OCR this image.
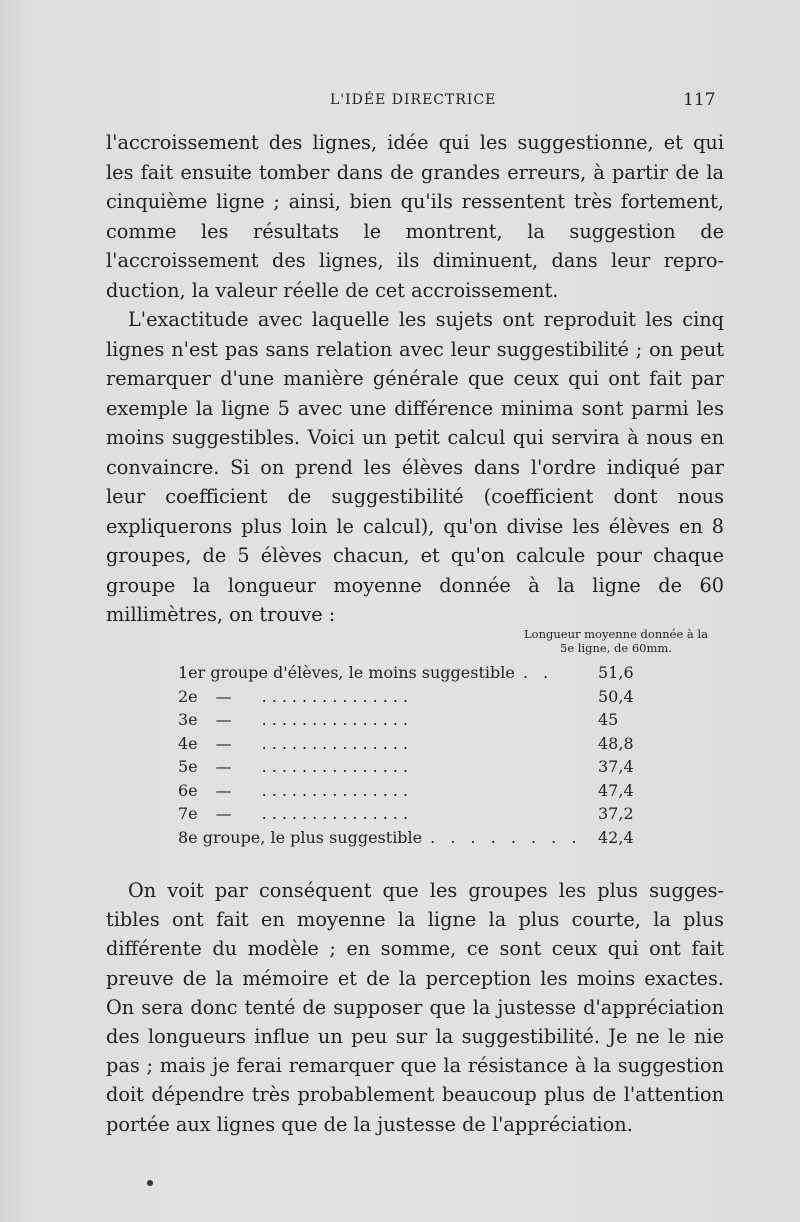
L'IDÉE DIRECTRICE	117

l'accroissement des lignes, idée qui les suggestionne, et qui les fait ensuite tomber dans de grandes erreurs, à partir de la cinquième ligne ; ainsi, bien qu'ils ressentent très fortement, comme les résultats le montrent, la suggestion de l'accroissement des lignes, ils diminuent, dans leur reproduction, la valeur réelle de cet accroissement.

L'exactitude avec laquelle les sujets ont reproduit les cinq lignes n'est pas sans relation avec leur suggestibilité ; on peut remarquer d'une manière générale que ceux qui ont fait par exemple la ligne 5 avec une différence minima sont parmi les moins suggestibles. Voici un petit calcul qui servira à nous en convaincre. Si on prend les élèves dans l'ordre indiqué par leur coefficient de suggestibilité (coefficient dont nous expliquerons plus loin le calcul), qu'on divise les élèves en 8 groupes, de 5 élèves chacun, et qu'on calcule pour chaque groupe la longueur moyenne donnée à la ligne de 60 millimètres, on trouve :

Longueur moyenne donnée à la
5e ligne, de 60mm.
1er groupe d'élèves, le moins suggestible . .	51,6
2e	—	...............	50,4
3e	—	...............	45
4e	—	...............	48,8
5e	—	...............	37,4
6e	—	...............	47,4
7e	—	...............	37,2
8e groupe, le plus suggestible . . . . . . . .	42,4

On voit par conséquent que les groupes les plus suggestibles ont fait en moyenne la ligne la plus courte, la plus différente du modèle ; en somme, ce sont ceux qui ont fait preuve de la mémoire et de la perception les moins exactes. On sera donc tenté de supposer que la justesse d'appréciation des longueurs influe un peu sur la suggestibilité. Je ne le nie pas ; mais je ferai remarquer que la résistance à la suggestion doit dépendre très probablement beaucoup plus de l'attention portée aux lignes que de la justesse de l'appréciation.
